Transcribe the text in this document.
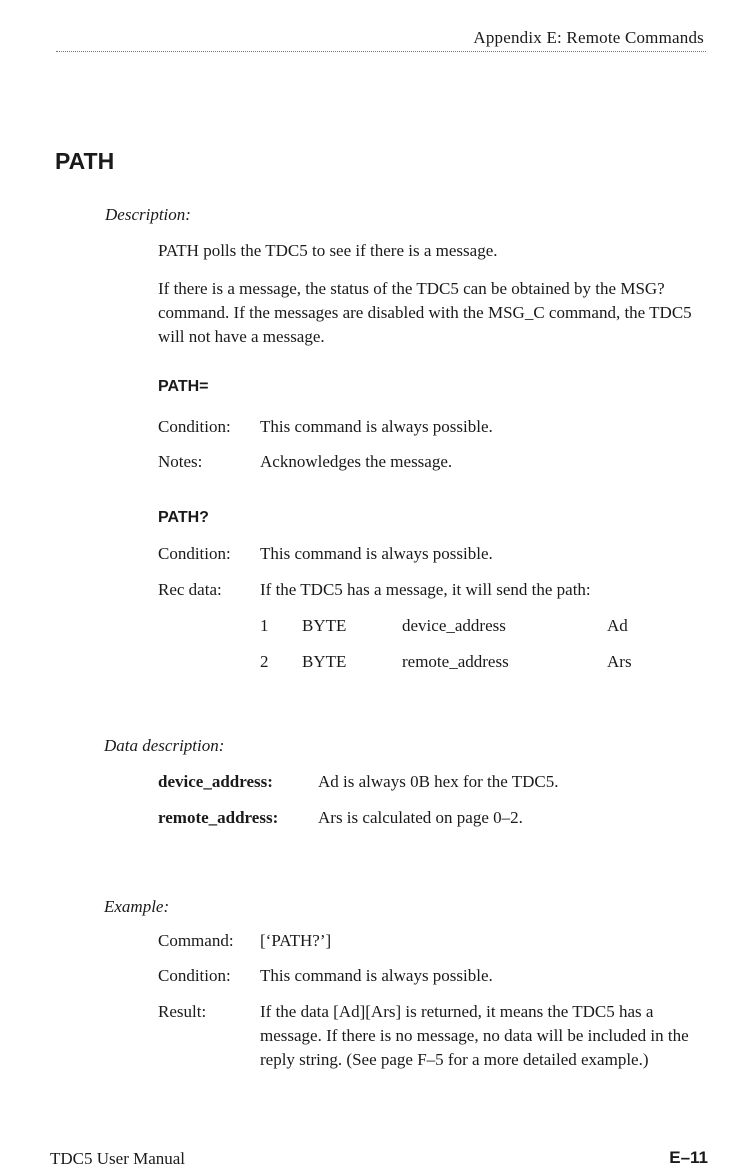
Appendix E: Remote Commands
PATH
Description:
PATH polls the TDC5 to see if there is a message.
If there is a message, the status of the TDC5 can be obtained by the MSG? command. If the messages are disabled with the MSG_C command, the TDC5 will not have a message.
PATH=
Condition: This command is always possible.
Notes:	Acknowledges the message.
PATH?
Condition: This command is always possible.
Rec data: If the TDC5 has a message, it will send the path:
1 BYTE	device_address	Ad
2 BYTE	remote_address	Ars
Data description:
device_address:	Ad is always 0B hex for the TDC5.
remote_address: Ars is calculated on page 0–2.
Example:
Command: [‘PATH?’]
Condition: This command is always possible.
Result:	If the data [Ad][Ars] is returned, it means the TDC5 has a message. If there is no message, no data will be included in the reply string. (See page F–5 for a more detailed example.)
TDC5 User Manual	E–11
